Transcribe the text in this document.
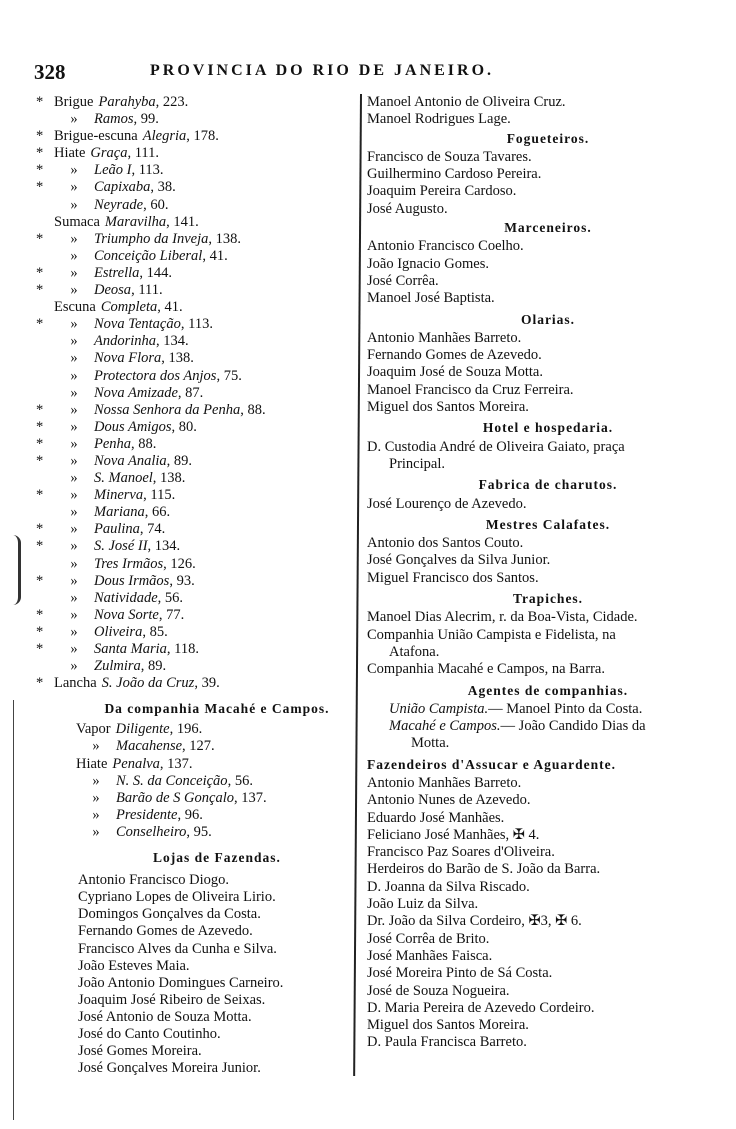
328	PROVINCIA DO RIO DE JANEIRO.
* Brigue Parahyba, 223.
» Ramos, 99.
* Brigue-escuna Alegria, 178.
* Hiate Graça, 111.
* » Leão I, 113.
* » Capixaba, 38.
» Neyrade, 60.
Sumaca Maravilha, 141.
* » Triumpho da Inveja, 138.
» Conceição Liberal, 41.
* » Estrella, 144.
* » Deosa, 111.
Escuna Completa, 41.
* » Nova Tentação, 113.
» Andorinha, 134.
» Nova Flora, 138.
» Protectora dos Anjos, 75.
» Nova Amizade, 87.
* » Nossa Senhora da Penha, 88.
* » Dous Amigos, 80.
* » Penha, 88.
* » Nova Analia, 89.
» S. Manoel, 138.
* » Minerva, 115.
» Mariana, 66.
* » Paulina, 74.
* » S. José II, 134.
» Tres Irmãos, 126.
* » Dous Irmãos, 93.
» Natividade, 56.
* » Nova Sorte, 77.
* » Oliveira, 85.
* » Santa Maria, 118.
» Zulmira, 89.
* Lancha S. João da Cruz, 39.
Da companhia Macahé e Campos.
Vapor Diligente, 196.
» Macahense, 127.
Hiate Penalva, 137.
» N. S. da Conceição, 56.
» Barão de S Gonçalo, 137.
» Presidente, 96.
» Conselheiro, 95.
Lojas de Fazendas.
Antonio Francisco Diogo.
Cypriano Lopes de Oliveira Lirio.
Domingos Gonçalves da Costa.
Fernando Gomes de Azevedo.
Francisco Alves da Cunha e Silva.
João Esteves Maia.
João Antonio Domingues Carneiro.
Joaquim José Ribeiro de Seixas.
José Antonio de Souza Motta.
José do Canto Coutinho.
José Gomes Moreira.
José Gonçalves Moreira Junior.
Manoel Antonio de Oliveira Cruz.
Manoel Rodrigues Lage.
Fogueteiros.
Francisco de Souza Tavares.
Guilhermino Cardoso Pereira.
Joaquim Pereira Cardoso.
José Augusto.
Marceneiros.
Antonio Francisco Coelho.
João Ignacio Gomes.
José Corrêa.
Manoel José Baptista.
Olarias.
Antonio Manhães Barreto.
Fernando Gomes de Azevedo.
Joaquim José de Souza Motta.
Manoel Francisco da Cruz Ferreira.
Miguel dos Santos Moreira.
Hotel e hospedaria.
D. Custodia André de Oliveira Gaiato, praça
Principal.
Fabrica de charutos.
José Lourenço de Azevedo.
Mestres Calafates.
Antonio dos Santos Couto.
José Gonçalves da Silva Junior.
Miguel Francisco dos Santos.
Trapiches.
Manoel Dias Alecrim, r. da Boa-Vista, Cidade.
Companhia União Campista e Fidelista, na
Atafona.
Companhia Macahé e Campos, na Barra.
Agentes de companhias.
União Campista.— Manoel Pinto da Costa.
Macahé e Campos.— João Candido Dias da
Motta.
Fazendeiros d'Assucar e Aguardente.
Antonio Manhães Barreto.
Antonio Nunes de Azevedo.
Eduardo José Manhães.
Feliciano José Manhães, ✠ 4.
Francisco Paz Soares d'Oliveira.
Herdeiros do Barão de S. João da Barra.
D. Joanna da Silva Riscado.
João Luiz da Silva.
Dr. João da Silva Cordeiro, ✠3, ✠ 6.
José Corrêa de Brito.
José Manhães Faisca.
José Moreira Pinto de Sá Costa.
José de Souza Nogueira.
D. Maria Pereira de Azevedo Cordeiro.
Miguel dos Santos Moreira.
D. Paula Francisca Barreto.
